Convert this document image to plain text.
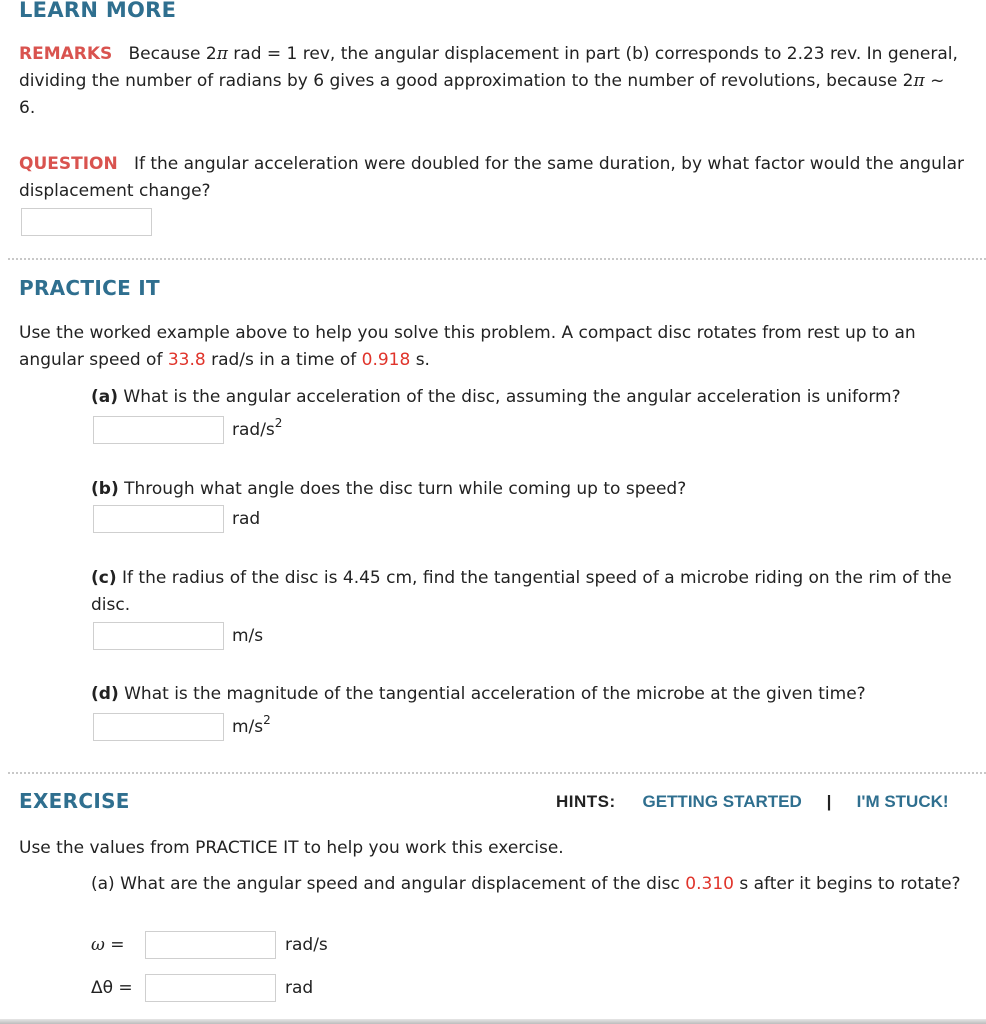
LEARN MORE

REMARKS Because 2π rad = 1 rev, the angular displacement in part (b) corresponds to 2.23 rev. In general, dividing the number of radians by 6 gives a good approximation to the number of revolutions, because 2π ~ 6.

QUESTION If the angular acceleration were doubled for the same duration, by what factor would the angular displacement change?

PRACTICE IT

Use the worked example above to help you solve this problem. A compact disc rotates from rest up to an angular speed of 33.8 rad/s in a time of 0.918 s.

(a) What is the angular acceleration of the disc, assuming the angular acceleration is uniform?

rad/$s^2$

(b) Through what angle does the disc turn while coming up to speed?

rad

(c) If the radius of the disc is 4.45 cm, find the tangential speed of a microbe riding on the rim of the disc.

m/s

(d) What is the magnitude of the tangential acceleration of the microbe at the given time?

$m/s^2$
EXERCISE	HINTS: GETTING STARTED | I'M STUCK!

Use the values from PRACTICE IT to help you work this exercise.

(a) What are the angular speed and angular displacement of the disc 0.310 s after it begins to rotate?

ω =	rad/s
Δθ =	rad
